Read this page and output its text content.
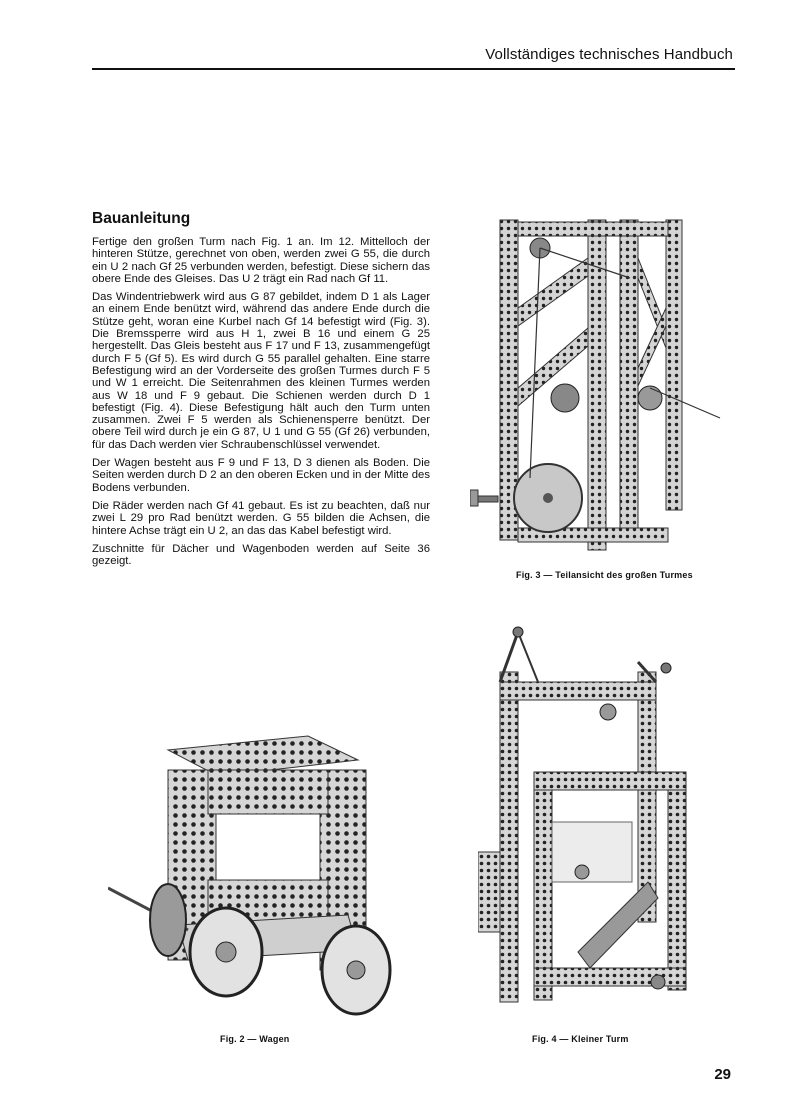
Vollständiges technisches Handbuch
Bauanleitung

Fertige den großen Turm nach Fig. 1 an. Im 12. Mittelloch der hinteren Stütze, gerechnet von oben, werden zwei G 55, die durch ein U 2 nach Gf 25 verbunden werden, befestigt. Diese sichern das obere Ende des Gleises. Das U 2 trägt ein Rad nach Gf 11.

Das Windentriebwerk wird aus G 87 gebildet, indem D 1 als Lager an einem Ende benützt wird, während das andere Ende durch die Stütze geht, woran eine Kurbel nach Gf 14 befestigt wird (Fig. 3). Die Bremssperre wird aus H 1, zwei B 16 und einem G 25 hergestellt. Das Gleis besteht aus F 17 und F 13, zusammengefügt durch F 5 (Gf 5). Es wird durch G 55 parallel gehalten. Eine starre Befestigung wird an der Vorderseite des großen Turmes durch F 5 und W 1 erreicht. Die Seitenrahmen des kleinen Turmes werden aus W 18 und F 9 gebaut. Die Schienen werden durch D 1 befestigt (Fig. 4). Diese Befestigung hält auch den Turm unten zusammen. Zwei F 5 werden als Schienensperre benützt. Der obere Teil wird durch je ein G 87, U 1 und G 55 (Gf 26) verbunden, für das Dach werden vier Schraubenschlüssel verwendet.

Der Wagen besteht aus F 9 und F 13, D 3 dienen als Boden. Die Seiten werden durch D 2 an den oberen Ecken und in der Mitte des Bodens verbunden.

Die Räder werden nach Gf 41 gebaut. Es ist zu beachten, daß nur zwei L 29 pro Rad benützt werden. G 55 bilden die Achsen, die hintere Achse trägt ein U 2, an das das Kabel befestigt wird.

Zuschnitte für Dächer und Wagenboden werden auf Seite 36 gezeigt.

Fig. 3 — Teilansicht des großen Turmes
Fig. 2 — Wagen	Fig. 4 — Kleiner Turm
29
